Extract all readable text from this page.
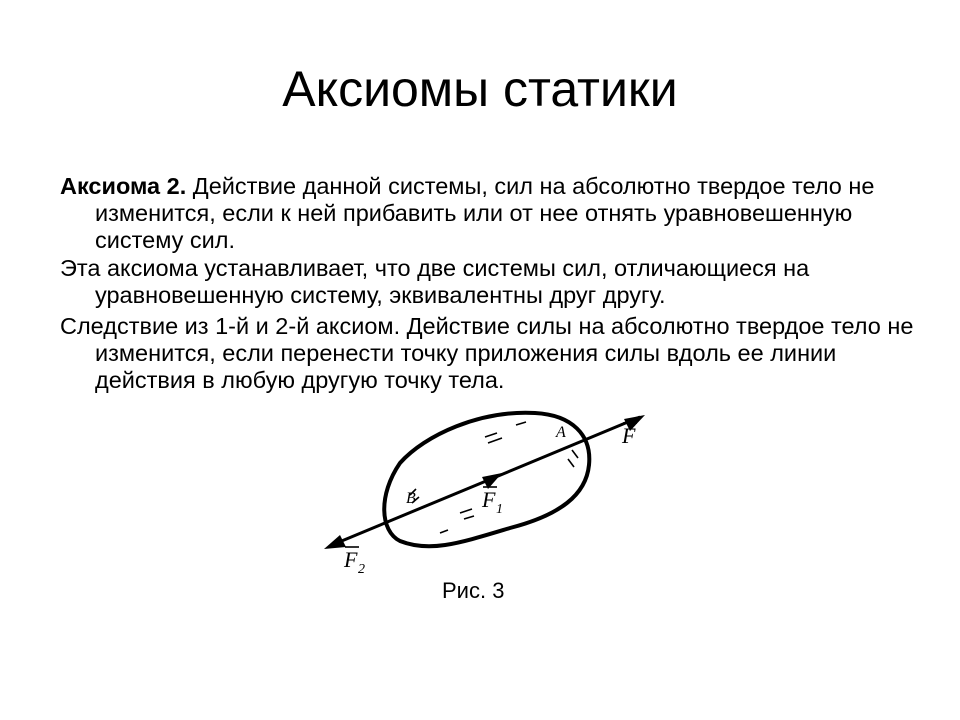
Аксиомы статики
Аксиома 2. Действие данной системы, сил на абсолютно твердое тело не изменится, если к ней прибавить или от нее отнять уравновешенную систему сил.
Эта аксиома устанавливает, что две системы сил, отличающиеся на уравновешенную систему, эквивалентны друг другу.
Следствие из 1-й и 2-й аксиом. Действие силы на абсолютно твердое тело не изменится, если перенести точку приложения силы вдоль ее линии действия в любую другую точку тела.
F
A
B	F 1
F 2
Рис. 3
